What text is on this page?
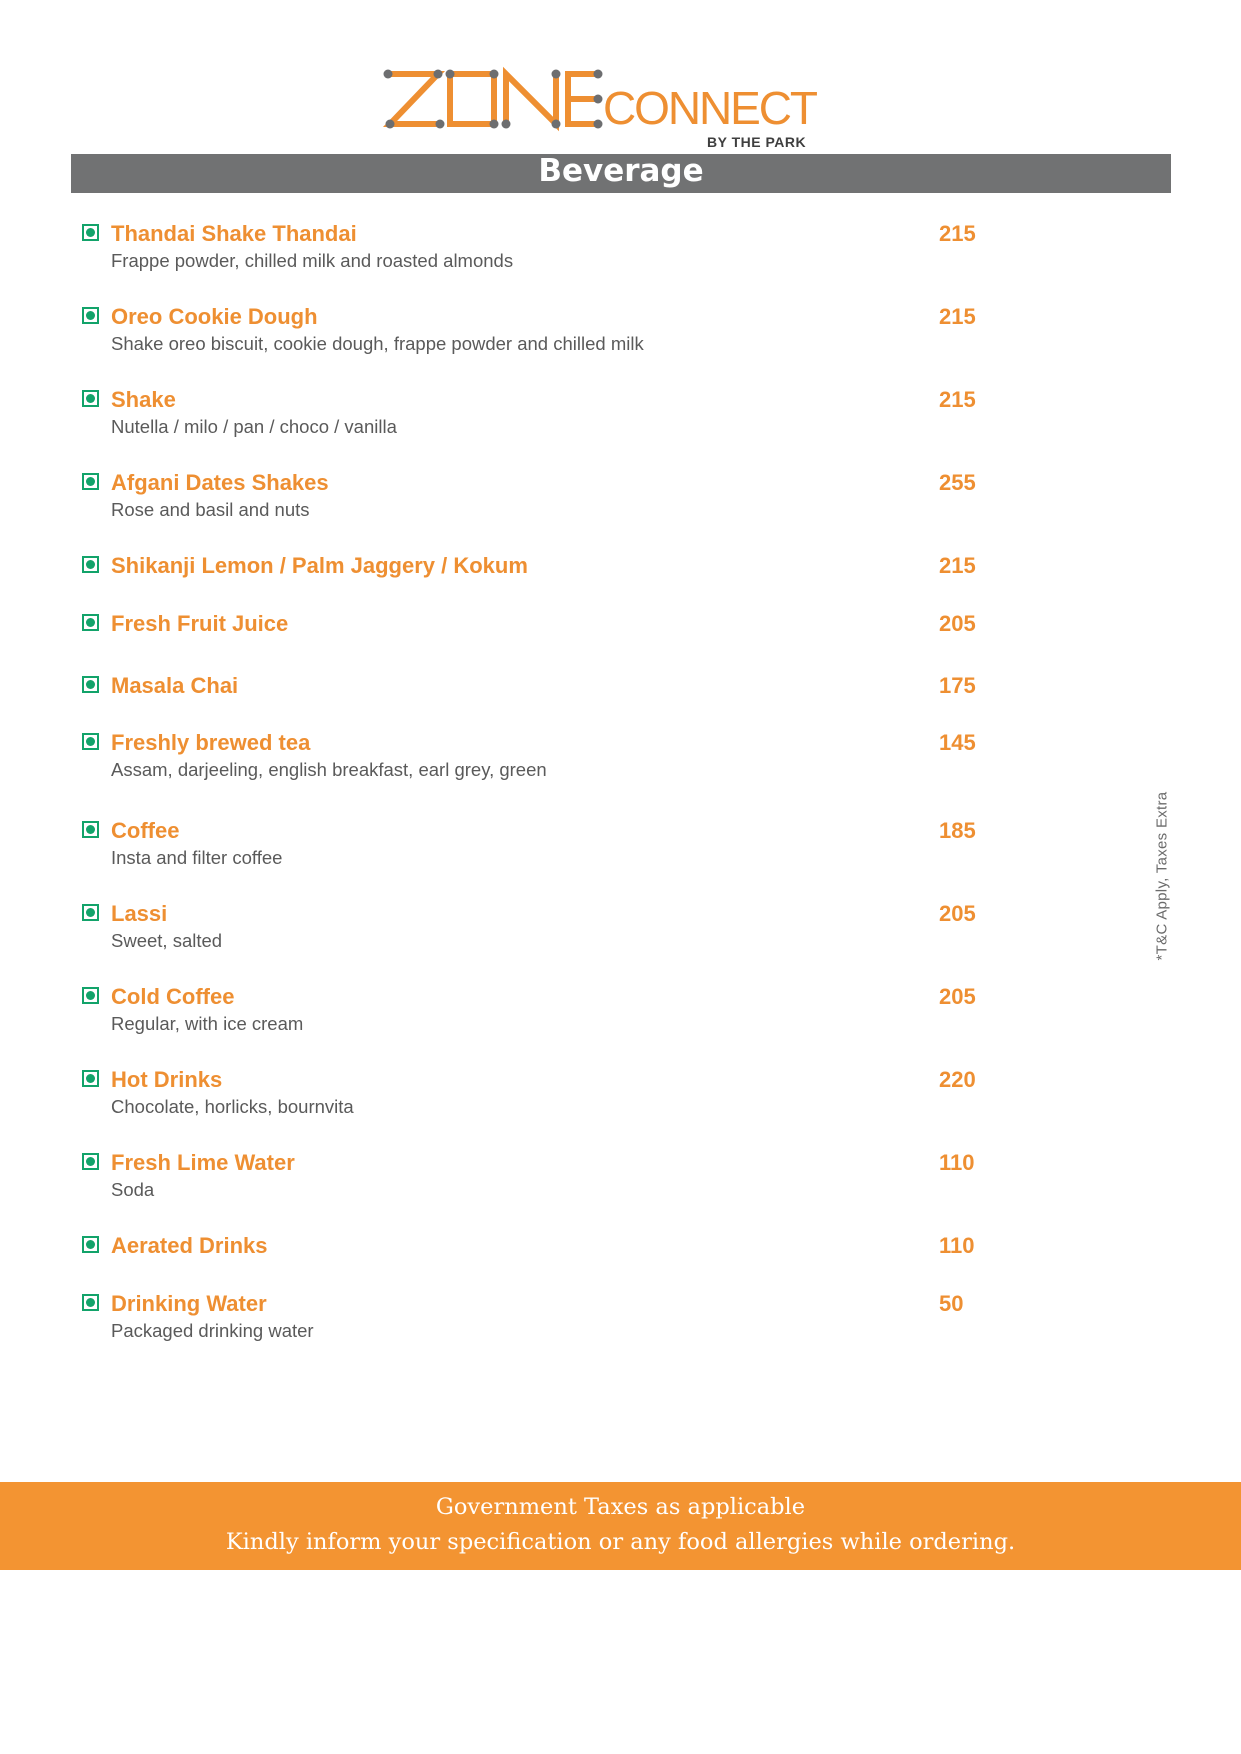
CONNECT
BY THE PARK
Beverage
Thandai Shake Thandai	215
Frappe powder, chilled milk and roasted almonds
Oreo Cookie Dough	215
Shake oreo biscuit, cookie dough, frappe powder and chilled milk
Shake	215
Nutella / milo / pan / choco / vanilla
Afgani Dates Shakes	255
Rose and basil and nuts
Shikanji Lemon / Palm Jaggery / Kokum	215
Fresh Fruit Juice	205
Masala Chai	175
Freshly brewed tea	145
Assam, darjeeling, english breakfast, earl grey, green
Coffee	185
Insta and filter coffee
Lassi	205
Sweet, salted
Cold Coffee	205
Regular, with ice cream
Hot Drinks	220
Chocolate, horlicks, bournvita
Fresh Lime Water	110
Soda
Aerated Drinks	110
Drinking Water	50
Packaged drinking water
*T&C Apply, Taxes Extra
Government Taxes as applicable
Kindly inform your specification or any food allergies while ordering.
